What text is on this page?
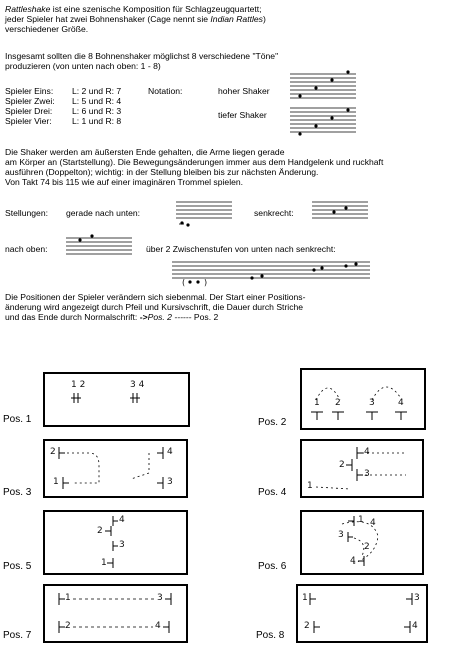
Rattleshake ist eine szenische Komposition für Schlagzeugquartett;
jeder Spieler hat zwei Bohnenshaker (Cage nennt sie Indian Rattles)
verschiedener Größe.
Insgesamt sollten die 8 Bohnenshaker möglichst 8 verschiedene "Töne"
produzieren (von unten nach oben: 1 - 8)
Spieler Eins: L: 2 und R: 7
Spieler Zwei: L: 5 und R: 4
Spieler Drei: L: 6 und R: 3
Spieler Vier: L: 1 und R: 8
Notation:	hoher Shaker
tiefer Shaker
Die Shaker werden am äußersten Ende gehalten, die Arme liegen gerade
am Körper an (Startstellung). Die Bewegungsänderungen immer aus dem Handgelenk und ruckhaft
ausführen (Doppelton); wichtig: in der Stellung bleiben bis zur nächsten Änderung.
Von Takt 74 bis 115 wie auf einer imaginären Trommel spielen.
Stellungen: gerade nach unten:	senkrecht:
nach oben:	über 2 Zwischenstufen von unten nach senkrecht:
( )
Die Positionen der Spieler verändern sich siebenmal. Der Start einer Positions-
änderung wird angezeigt durch Pfeil und Kursivschrift, die Dauer durch Striche
und das Ende durch Normalschrift: ->Pos. 2 ------ Pos. 2
1 2	3 4
Pos. 1
1 2	3	4
Pos. 2
2	4
1	3
Pos. 3
4
2
3
1
Pos. 4
4
2
3
1
Pos. 5
1 4
3
2
4
Pos. 6
1	3
2	4
Pos. 7
1	3
2	4
Pos. 8
